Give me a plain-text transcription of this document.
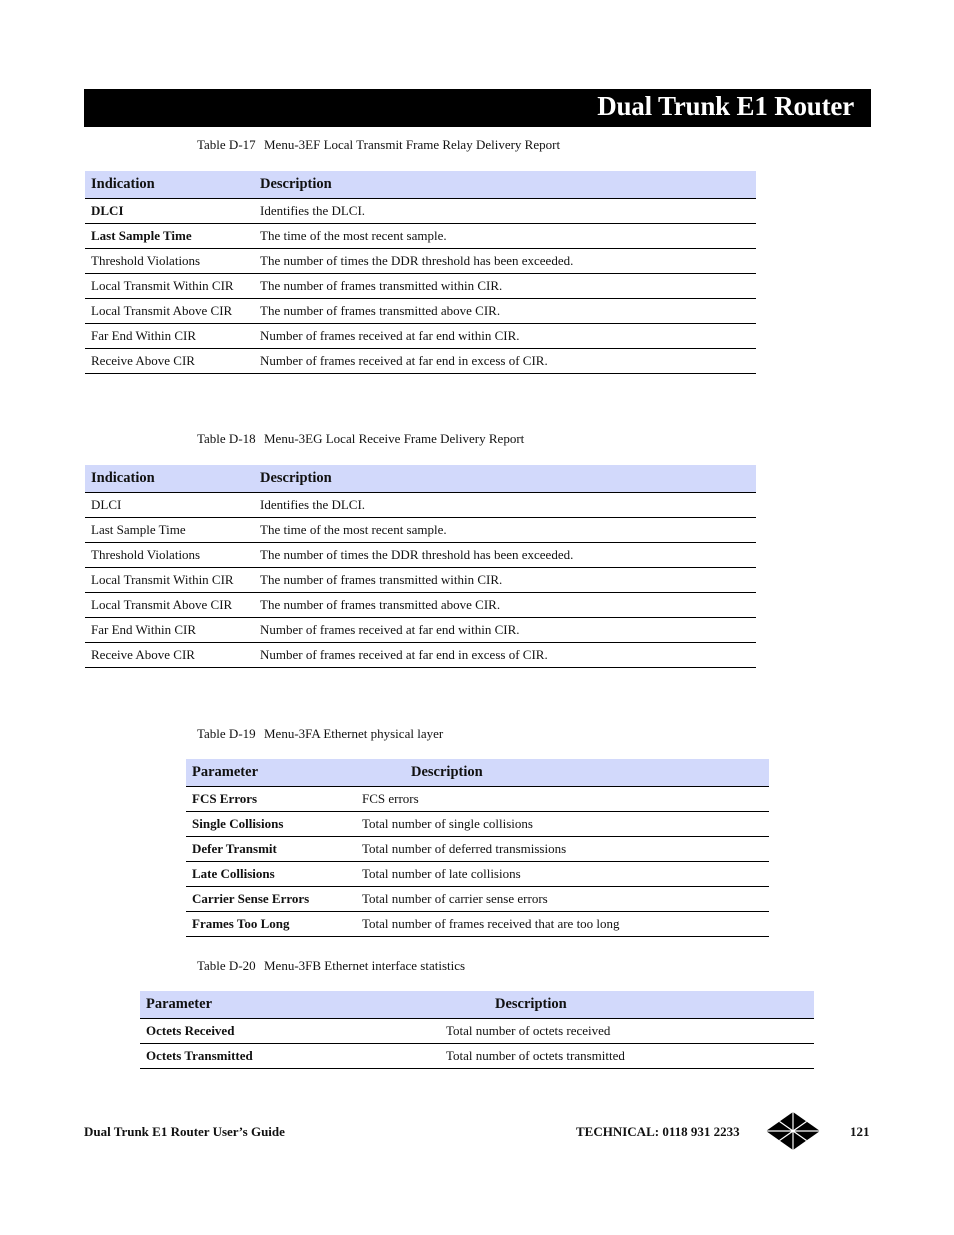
Dual Trunk E1 Router
Table D-17 Menu-3EF Local Transmit Frame Relay Delivery Report
Indication	Description
DLCI	Identifies the DLCI.
Last Sample Time	The time of the most recent sample.
Threshold Violations	The number of times the DDR threshold has been exceeded.
Local Transmit Within CIR	The number of frames transmitted within CIR.
Local Transmit Above CIR	The number of frames transmitted above CIR.
Far End Within CIR	Number of frames received at far end within CIR.
Receive Above CIR	Number of frames received at far end in excess of CIR.
Table D-18 Menu-3EG Local Receive Frame Delivery Report
Indication	Description
DLCI	Identifies the DLCI.
Last Sample Time	The time of the most recent sample.
Threshold Violations	The number of times the DDR threshold has been exceeded.
Local Transmit Within CIR	The number of frames transmitted within CIR.
Local Transmit Above CIR	The number of frames transmitted above CIR.
Far End Within CIR	Number of frames received at far end within CIR.
Receive Above CIR	Number of frames received at far end in excess of CIR.
Table D-19 Menu-3FA Ethernet physical layer
Parameter	Description
FCS Errors	FCS errors
Single Collisions	Total number of single collisions
Defer Transmit	Total number of deferred transmissions
Late Collisions	Total number of late collisions
Carrier Sense Errors	Total number of carrier sense errors
Frames Too Long	Total number of frames received that are too long
Table D-20 Menu-3FB Ethernet interface statistics
Parameter	Description
Octets Received	Total number of octets received
Octets Transmitted	Total number of octets transmitted
Dual Trunk E1 Router User’s Guide	TECHNICAL: 0118 931 2233	121
